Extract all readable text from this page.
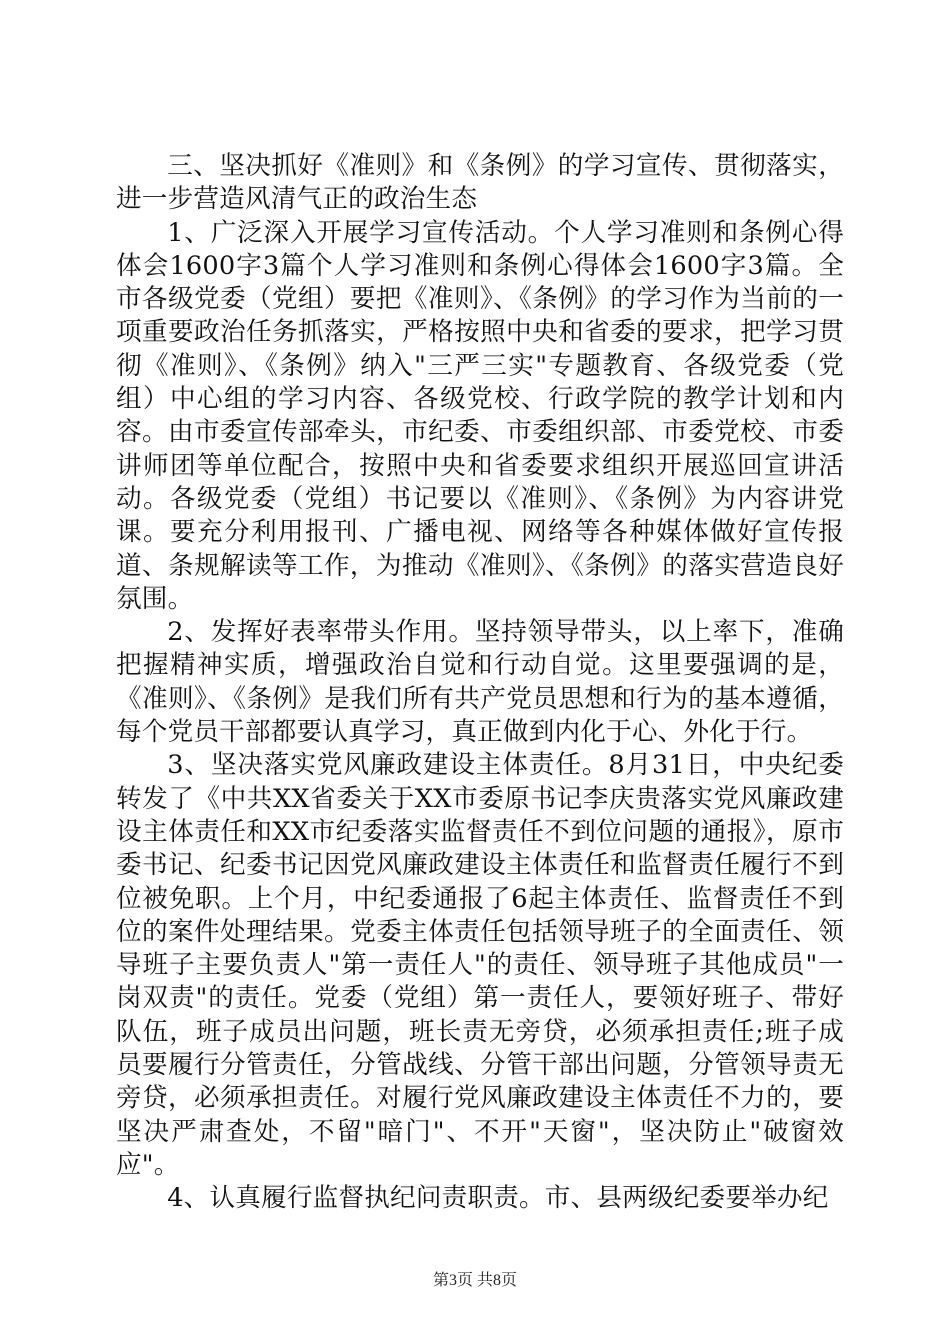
三、坚决抓好《准则》和《条例》的学习宣传、贯彻落实，进一步营造风清气正的政治生态

1、广泛深入开展学习宣传活动。个人学习准则和条例心得体会1600字3篇个人学习准则和条例心得体会1600字3篇。全市各级党委（党组）要把《准则》、《条例》的学习作为当前的一项重要政治任务抓落实，严格按照中央和省委的要求，把学习贯彻《准则》、《条例》纳入"三严三实"专题教育、各级党委（党组）中心组的学习内容、各级党校、行政学院的教学计划和内容。由市委宣传部牵头，市纪委、市委组织部、市委党校、市委讲师团等单位配合，按照中央和省委要求组织开展巡回宣讲活动。各级党委（党组）书记要以《准则》、《条例》为内容讲党课。要充分利用报刊、广播电视、网络等各种媒体做好宣传报道、条规解读等工作，为推动《准则》、《条例》的落实营造良好氛围。

2、发挥好表率带头作用。坚持领导带头，以上率下，准确把握精神实质，增强政治自觉和行动自觉。这里要强调的是，《准则》、《条例》是我们所有共产党员思想和行为的基本遵循，每个党员干部都要认真学习，真正做到内化于心、外化于行。

3、坚决落实党风廉政建设主体责任。8月31日，中央纪委转发了《中共XX省委关于XX市委原书记李庆贵落实党风廉政建设主体责任和XX市纪委落实监督责任不到位问题的通报》，原市委书记、纪委书记因党风廉政建设主体责任和监督责任履行不到位被免职。上个月，中纪委通报了6起主体责任、监督责任不到位的案件处理结果。党委主体责任包括领导班子的全面责任、领导班子主要负责人"第一责任人"的责任、领导班子其他成员"一岗双责"的责任。党委（党组）第一责任人，要领好班子、带好队伍，班子成员出问题，班长责无旁贷，必须承担责任;班子成员要履行分管责任，分管战线、分管干部出问题，分管领导责无旁贷，必须承担责任。对履行党风廉政建设主体责任不力的，要坚决严肃查处，不留"暗门"、不开"天窗"，坚决防止"破窗效应"。

4、认真履行监督执纪问责职责。市、县两级纪委要举办纪

第3页 共8页
